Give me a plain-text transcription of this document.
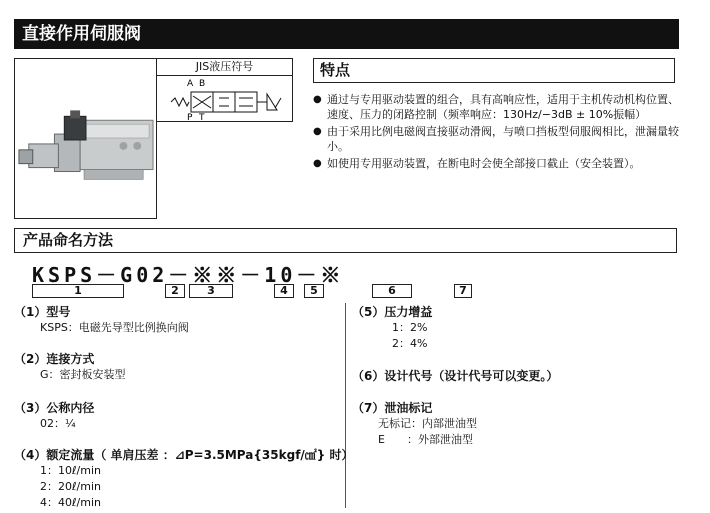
直接作用伺服阀
JIS液压符号
A B
P T
特点
● 通过与专用驱动装置的组合，具有高响应性，适用于主机传动机构位置、速度、压力的闭路控制（频率响应：130Hz/−3dB ± 10%振幅）
● 由于采用比例电磁阀直接驱动滑阀，与喷口挡板型伺服阀相比，泄漏量较小。
● 如使用专用驱动装置，在断电时会使全部接口截止（安全装置）。
产品命名方法
KSPS－G02－※※－10－※
1	2	3	4	5	6	7
（1）型号
KSPS：电磁先导型比例换向阀
（2）连接方式
G：密封板安装型
（3）公称内径
02：¼
（4）额定流量（ 单肩压差 ：⊿P=3.5MPa{35kgf/㎠} 时）
1：10ℓ/min
2：20ℓ/min
4：40ℓ/min
（5）压力增益
1：2%
2：4%
（6）设计代号（设计代号可以变更。）
（7）泄油标记
无标记：内部泄油型
E　　：外部泄油型
